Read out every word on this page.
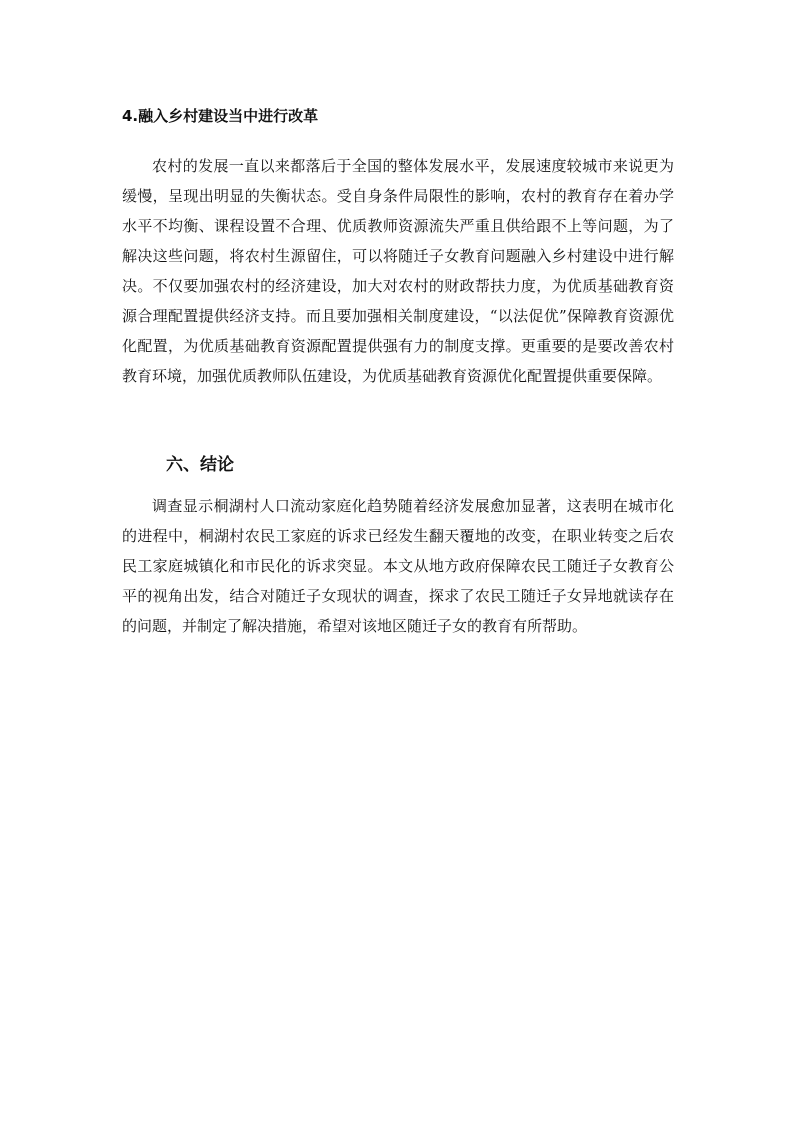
4.融入乡村建设当中进行改革

农村的发展一直以来都落后于全国的整体发展水平，发展速度较城市来说更为缓慢，呈现出明显的失衡状态。受自身条件局限性的影响，农村的教育存在着办学水平不均衡、课程设置不合理、优质教师资源流失严重且供给跟不上等问题，为了解决这些问题，将农村生源留住，可以将随迁子女教育问题融入乡村建设中进行解决。不仅要加强农村的经济建设，加大对农村的财政帮扶力度，为优质基础教育资源合理配置提供经济支持。而且要加强相关制度建设，“以法促优”保障教育资源优化配置，为优质基础教育资源配置提供强有力的制度支撑。更重要的是要改善农村教育环境，加强优质教师队伍建设，为优质基础教育资源优化配置提供重要保障。

六、结论

调查显示桐湖村人口流动家庭化趋势随着经济发展愈加显著，这表明在城市化的进程中，桐湖村农民工家庭的诉求已经发生翻天覆地的改变，在职业转变之后农民工家庭城镇化和市民化的诉求突显。本文从地方政府保障农民工随迁子女教育公平的视角出发，结合对随迁子女现状的调查，探求了农民工随迁子女异地就读存在的问题，并制定了解决措施，希望对该地区随迁子女的教育有所帮助。
